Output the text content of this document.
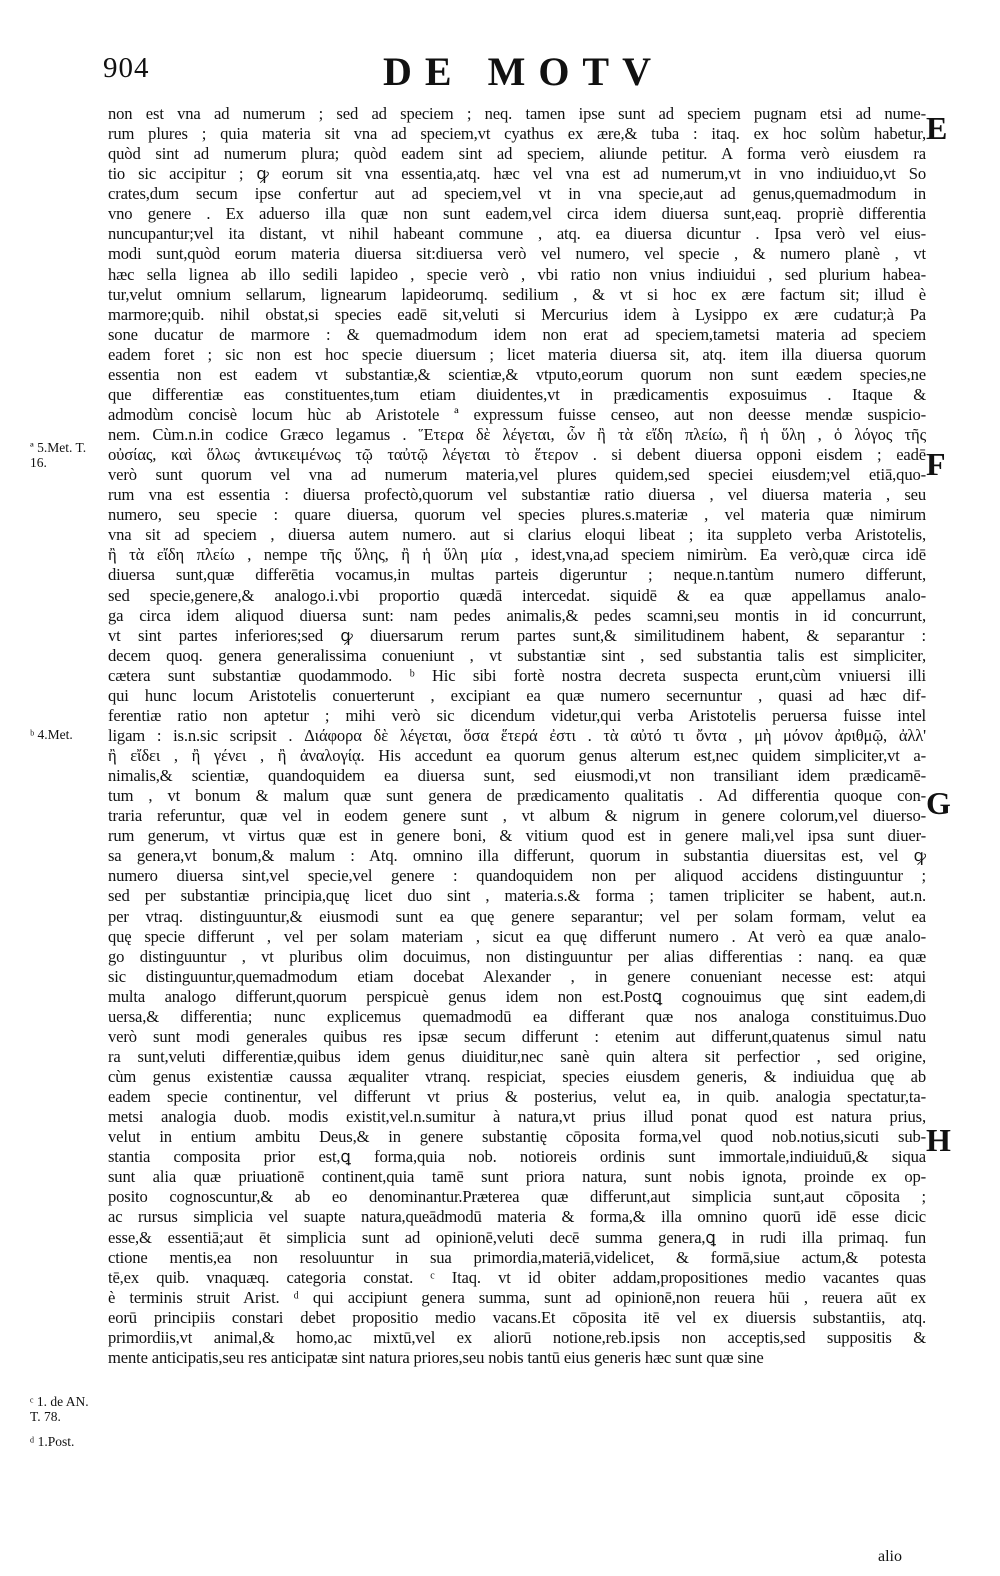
904	DE MOTV
non est vna ad numerum ; sed ad speciem ; neq. tamen ipse sunt ad speciem pugnam etsi ad nume-
rum plures ; quia materia sit vna ad speciem,vt cyathus ex ære,& tuba : itaq. ex hoc solùm habetur,
quòd sint ad numerum plura; quòd eadem sint ad speciem, aliunde petitur. A forma verò eiusdem ra
tio sic accipitur ; ꝙ eorum sit vna essentia,atq. hæc vel vna est ad numerum,vt in vno indiuiduo,vt So
crates,dum secum ipse confertur aut ad speciem,vel vt in vna specie,aut ad genus,quemadmodum in
vno genere . Ex aduerso illa quæ non sunt eadem,vel circa idem diuersa sunt,eaq. propriè differentia
nuncupantur;vel ita distant, vt nihil habeant commune , atq. ea diuersa dicuntur . Ipsa verò vel eius-
modi sunt,quòd eorum materia diuersa sit:diuersa verò vel numero, vel specie , & numero planè , vt
hæc sella lignea ab illo sedili lapideo , specie verò , vbi ratio non vnius indiuidui , sed plurium habea-
tur,velut omnium sellarum, lignearum lapideorumq. sedilium , & vt si hoc ex ære factum sit; illud è
marmore;quib. nihil obstat,si species eadē sit,veluti si Mercurius idem à Lysippo ex ære cudatur;à Pa
sone ducatur de marmore : & quemadmodum idem non erat ad speciem,tametsi materia ad speciem
eadem foret ; sic non est hoc specie diuersum ; licet materia diuersa sit, atq. item illa diuersa quorum
essentia non est eadem vt substantiæ,& scientiæ,& vtputo,eorum quorum non sunt eædem species,ne
que differentiæ eas constituentes,tum etiam diuidentes,vt in prædicamentis exposuimus . Itaque &
admodùm concisè locum hùc ab Aristotele ª expressum fuisse censeo, aut non deesse mendæ suspicio-
nem. Cùm.n.in codice Græco legamus . Ἕτερα δὲ λέγεται, ὧν ἢ τὰ εἴδη πλείω, ἢ ἡ ὕλη , ὁ λόγος τῆς
οὐσίας, καὶ ὅλως ἀντικειμένως τῷ ταὐτῷ λέγεται τὸ ἕτερον . si debent diuersa opponi eisdem ; eadē
verò sunt quorum vel vna ad numerum materia,vel plures quidem,sed speciei eiusdem;vel etiā,quo-
rum vna est essentia : diuersa profectò,quorum vel substantiæ ratio diuersa , vel diuersa materia , seu
numero, seu specie : quare diuersa, quorum vel species plures.s.materiæ , vel materia quæ nimirum
vna sit ad speciem , diuersa autem numero. aut si clarius eloqui libeat ; ita suppleto verba Aristotelis,
ἢ τὰ εἴδη πλείω , nempe τῆς ὕλης, ἢ ἡ ὕλη μία , idest,vna,ad speciem nimirùm. Ea verò,quæ circa idē
diuersa sunt,quæ differētia vocamus,in multas parteis digeruntur ; neque.n.tantùm numero differunt,
sed specie,genere,& analogo.i.vbi proportio quædā intercedat. siquidē & ea quæ appellamus analo-
ga circa idem aliquod diuersa sunt: nam pedes animalis,& pedes scamni,seu montis in id concurrunt,
vt sint partes inferiores;sed ꝙ diuersarum rerum partes sunt,& similitudinem habent, & separantur :
decem quoq. genera generalissima conueniunt , vt substantiæ sint , sed substantia talis est simpliciter,
cætera sunt substantiæ quodammodo. ᵇ Hic sibi fortè nostra decreta suspecta erunt,cùm vniuersi illi
qui hunc locum Aristotelis conuerterunt , excipiant ea quæ numero secernuntur , quasi ad hæc dif-
ferentiæ ratio non aptetur ; mihi verò sic dicendum videtur,qui verba Aristotelis peruersa fuisse intel
ligam : is.n.sic scripsit . Διάφορα δὲ λέγεται, ὅσα ἕτερά ἐστι . τὰ αὐτό τι ὄντα , μὴ μόνον ἀριθμῷ, ἀλλ'
ἢ εἴδει , ἢ γένει , ἢ ἀναλογίᾳ. His accedunt ea quorum genus alterum est,nec quidem simpliciter,vt a-
nimalis,& scientiæ, quandoquidem ea diuersa sunt, sed eiusmodi,vt non transiliant idem prædicamē-
tum , vt bonum & malum quæ sunt genera de prædicamento qualitatis . Ad differentia quoque con-
traria referuntur, quæ vel in eodem genere sunt , vt album & nigrum in genere colorum,vel diuerso-
rum generum, vt virtus quæ est in genere boni, & vitium quod est in genere mali,vel ipsa sunt diuer-
sa genera,vt bonum,& malum : Atq. omnino illa differunt, quorum in substantia diuersitas est, vel ꝙ
numero diuersa sint,vel specie,vel genere : quandoquidem non per aliquod accidens distinguuntur ;
sed per substantiæ principia,quę licet duo sint , materia.s.& forma ; tamen tripliciter se habent, aut.n.
per vtraq. distinguuntur,& eiusmodi sunt ea quę genere separantur; vel per solam formam, velut ea
quę specie differunt , vel per solam materiam , sicut ea quę differunt numero . At verò ea quæ analo-
go distinguuntur , vt pluribus olim docuimus, non distinguuntur per alias differentias : nanq. ea quæ
sic distinguuntur,quemadmodum etiam docebat Alexander , in genere conueniant necesse est: atqui
multa analogo differunt,quorum perspicuè genus idem non est.Postꝗ cognouimus quę sint eadem,di
uersa,& differentia; nunc explicemus quemadmodū ea differant quæ nos analoga constituimus.Duo
verò sunt modi generales quibus res ipsæ secum differunt : etenim aut differunt,quatenus simul natu
ra sunt,veluti differentiæ,quibus idem genus diuiditur,nec sanè quin altera sit perfectior , sed origine,
cùm genus existentiæ caussa æqualiter vtranq. respiciat, species eiusdem generis, & indiuidua quę ab
eadem specie continentur, vel differunt vt prius & posterius, velut ea, in quib. analogia spectatur,ta-
metsi analogia duob. modis existit,vel.n.sumitur à natura,vt prius illud ponat quod est natura prius,
velut in entium ambitu Deus,& in genere substantię cōposita forma,vel quod nob.notius,sicuti sub-
stantia composita prior est,ꝗ forma,quia nob. notioreis ordinis sunt immortale,indiuiduū,& siqua
sunt alia quæ priuationē continent,quia tamē sunt priora natura, sunt nobis ignota, proinde ex op-
posito cognoscuntur,& ab eo denominantur.Præterea quæ differunt,aut simplicia sunt,aut cōposita ;
ac rursus simplicia vel suapte natura,queādmodū materia & forma,& illa omnino quorū idē esse dicic
esse,& essentiā;aut ēt simplicia sunt ad opinionē,veluti decē summa genera,ꝗ in rudi illa primaq. fun
ctione mentis,ea non resoluuntur in sua primordia,materiā,videlicet, & formā,siue actum,& potesta
tē,ex quib. vnaquæq. categoria constat. ᶜ Itaq. vt id obiter addam,propositiones medio vacantes quas
è terminis struit Arist. ᵈ qui accipiunt genera summa, sunt ad opinionē,non reuera hūi , reuera aūt ex
eorū principiis constari debet propositio medio vacans.Et cōposita itē vel ex diuersis substantiis, atq.
primordiis,vt animal,& homo,ac mixtū,vel ex aliorū notione,reb.ipsis non acceptis,sed suppositis &
mente anticipatis,seu res anticipatæ sint natura priores,seu nobis tantū eius generis hæc sunt quæ sine
E
F
G
H
ª 5.Met. T. 16.
ᵇ 4.Met.
ᶜ 1. de AN. T. 78.
ᵈ 1.Post.
alio
